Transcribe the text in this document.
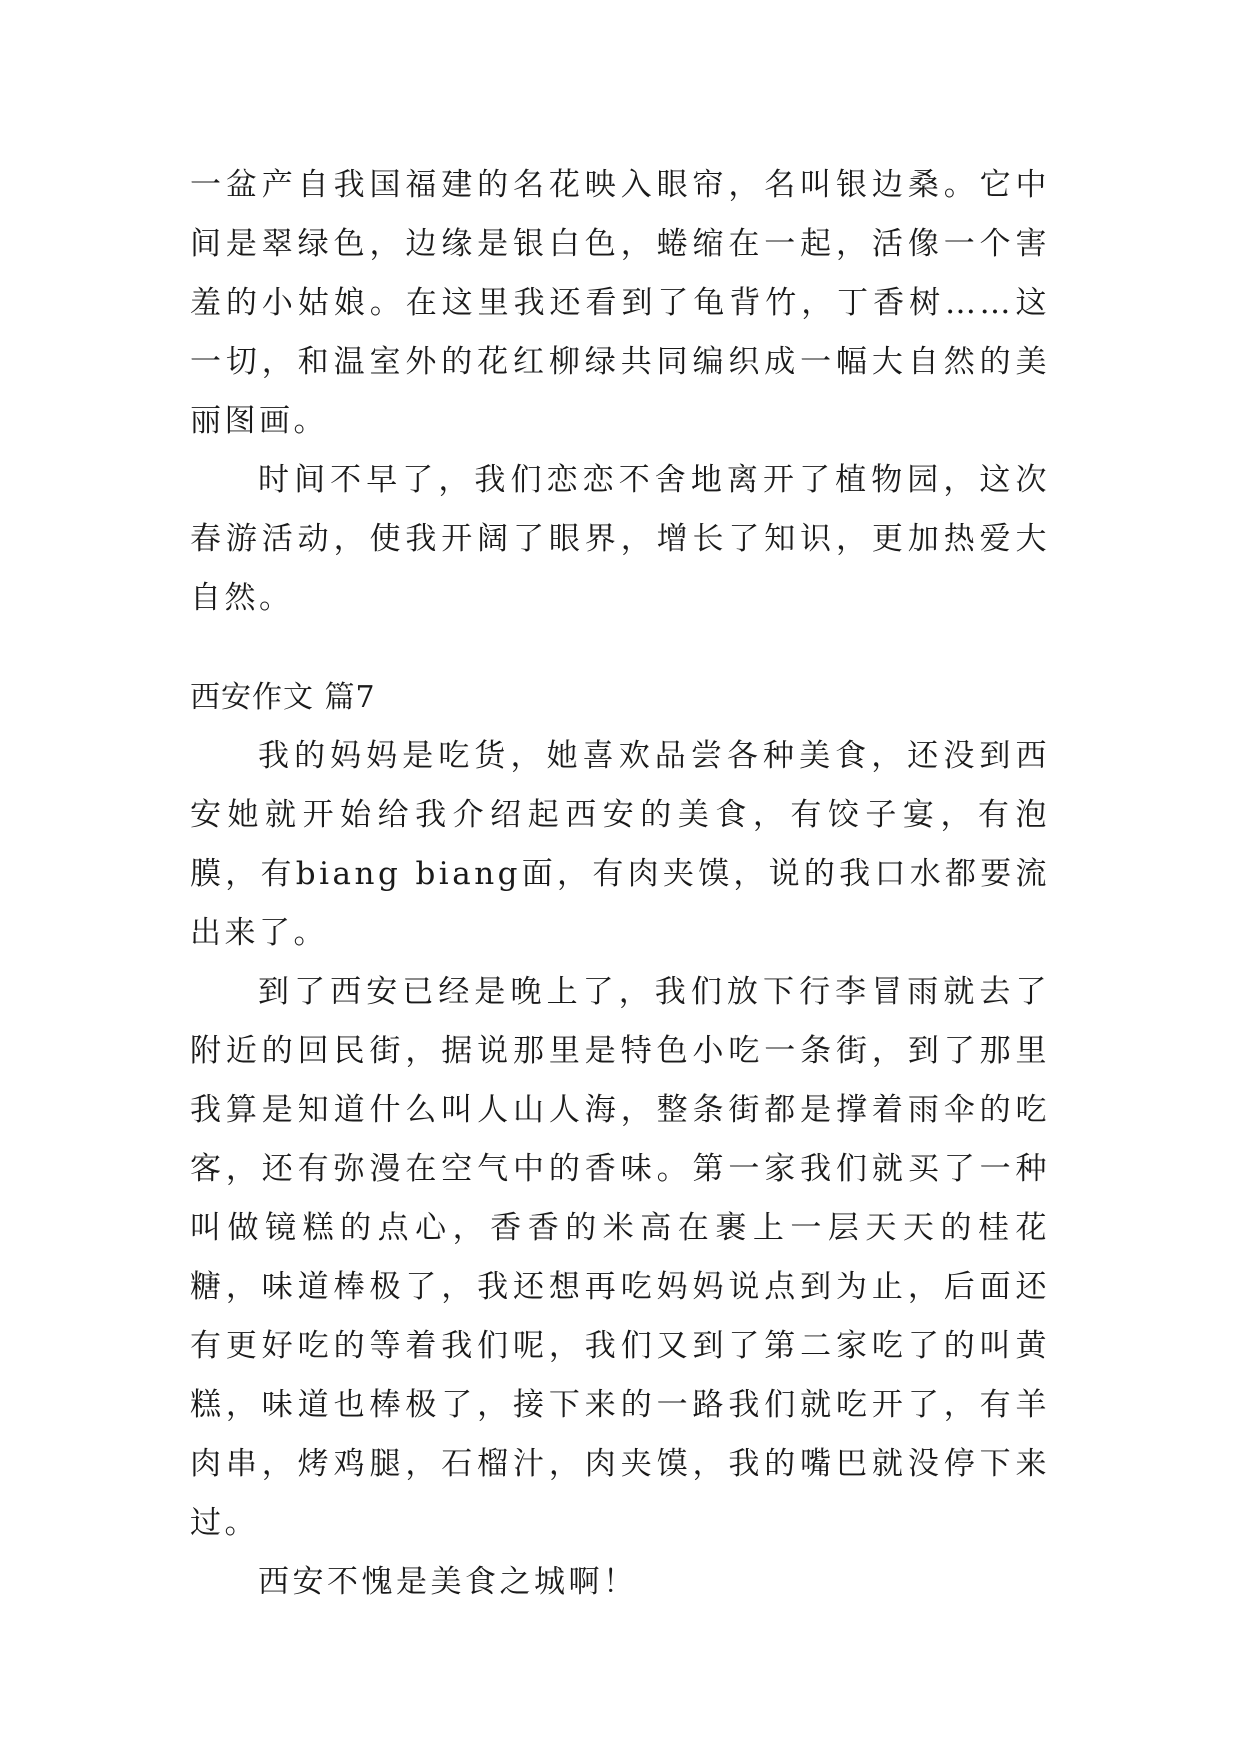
一盆产自我国福建的名花映入眼帘，名叫银边桑。它中间是翠绿色，边缘是银白色，蜷缩在一起，活像一个害羞的小姑娘。在这里我还看到了龟背竹，丁香树……这一切，和温室外的花红柳绿共同编织成一幅大自然的美丽图画。

时间不早了，我们恋恋不舍地离开了植物园，这次春游活动，使我开阔了眼界，增长了知识，更加热爱大自然。

西安作文 篇7

我的妈妈是吃货，她喜欢品尝各种美食，还没到西安她就开始给我介绍起西安的美食，有饺子宴，有泡膜，有biang biang面，有肉夹馍，说的我口水都要流出来了。

到了西安已经是晚上了，我们放下行李冒雨就去了附近的回民街，据说那里是特色小吃一条街，到了那里我算是知道什么叫人山人海，整条街都是撑着雨伞的吃客，还有弥漫在空气中的香味。第一家我们就买了一种叫做镜糕的点心，香香的米高在裹上一层天天的桂花糖，味道棒极了，我还想再吃妈妈说点到为止，后面还有更好吃的等着我们呢，我们又到了第二家吃了的叫黄糕，味道也棒极了，接下来的一路我们就吃开了，有羊肉串，烤鸡腿，石榴汁，肉夹馍，我的嘴巴就没停下来过。

西安不愧是美食之城啊！
